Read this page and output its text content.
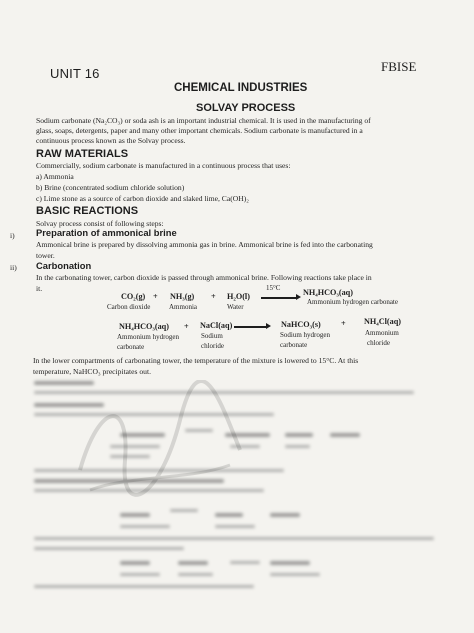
UNIT 16	FBISE
CHEMICAL INDUSTRIES
SOLVAY PROCESS
Sodium carbonate (Na₂CO₃) or soda ash is an important industrial chemical. It is used in the manufacturing of
glass, soaps, detergents, paper and many other important chemicals. Sodium carbonate is manufactured in a
continuous process known as the Solvay process.
RAW MATERIALS
Commercially, sodium carbonate is manufactured in a continuous process that uses:
a) Ammonia
b) Brine (concentrated sodium chloride solution)
c) Lime stone as a source of carbon dioxide and slaked lime, Ca(OH)₂
BASIC REACTIONS
Solvay process consist of following steps:
i) Preparation of ammonical brine
Ammonical brine is prepared by dissolving ammonia gas in brine. Ammonical brine is fed into the carbonating
tower.
ii) Carbonation
In the carbonating tower, carbon dioxide is passed through ammonical brine. Following reactions take place in
it.
CO₂(g) + NH₃(g) + H₂O(l)
15°C	NH₄HCO₃(aq)
Carbon dioxide	Ammonia	Water
Ammonium hydrogen carbonate
NH₄HCO₃(aq) + NaCl(aq) → NaHCO₃(s) + NH₄Cl(aq)
Ammonium hydrogen
carbonate
Sodium
chloride
Sodium hydrogen
carbonate
Ammonium
chloride
In the lower compartments of carbonating tower, the temperature of the mixture is lowered to 15°C. At this
temperature, NaHCO₃ precipitates out.
